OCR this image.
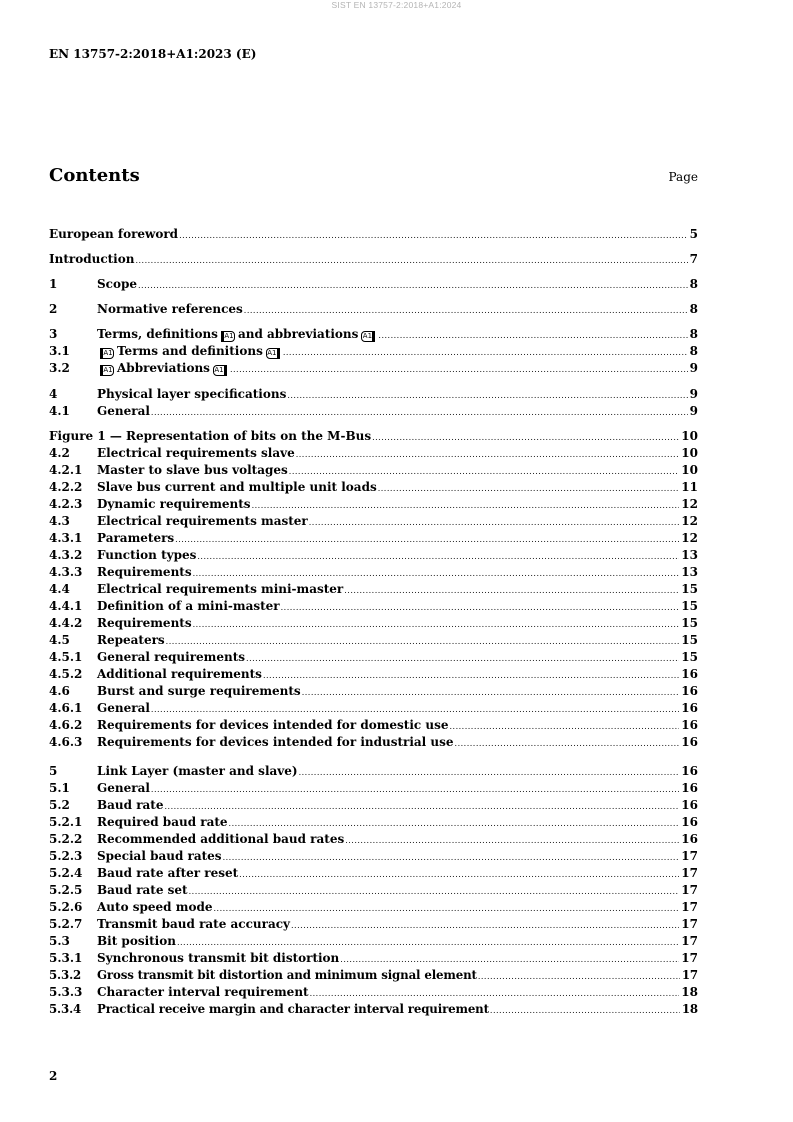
SIST EN 13757-2:2018+A1:2024
EN 13757-2:2018+A1:2023 (E)
Contents	Page
European foreword .....	5
Introduction .....	7
1	Scope .....	8
2	Normative references .....	8
3	Terms, definitions A1 and abbreviations A1 .....	8
3.1	A1 Terms and definitions A1 .....	8
3.2	A1 Abbreviations A1 .....	9
4	Physical layer specifications .....	9
4.1	General .....	9
Figure 1 — Representation of bits on the M-Bus .....	10
4.2	Electrical requirements slave .....	10
4.2.1	Master to slave bus voltages .....	10
4.2.2	Slave bus current and multiple unit loads .....	11
4.2.3	Dynamic requirements .....	12
4.3	Electrical requirements master .....	12
4.3.1	Parameters .....	12
4.3.2	Function types .....	13
4.3.3	Requirements .....	13
4.4	Electrical requirements mini-master .....	15
4.4.1	Definition of a mini-master .....	15
4.4.2	Requirements .....	15
4.5	Repeaters .....	15
4.5.1	General requirements .....	15
4.5.2	Additional requirements .....	16
4.6	Burst and surge requirements .....	16
4.6.1	General .....	16
4.6.2	Requirements for devices intended for domestic use .....	16
4.6.3	Requirements for devices intended for industrial use .....	16
5	Link Layer (master and slave) .....	16
5.1	General .....	16
5.2	Baud rate .....	16
5.2.1	Required baud rate .....	16
5.2.2	Recommended additional baud rates .....	16
5.2.3	Special baud rates .....	17
5.2.4	Baud rate after reset .....	17
5.2.5	Baud rate set .....	17
5.2.6	Auto speed mode .....	17
5.2.7	Transmit baud rate accuracy .....	17
5.3	Bit position .....	17
5.3.1	Synchronous transmit bit distortion .....	17
5.3.2	Gross transmit bit distortion and minimum signal element .....	17
5.3.3	Character interval requirement .....	18
5.3.4	Practical receive margin and character interval requirement .....	18
2
